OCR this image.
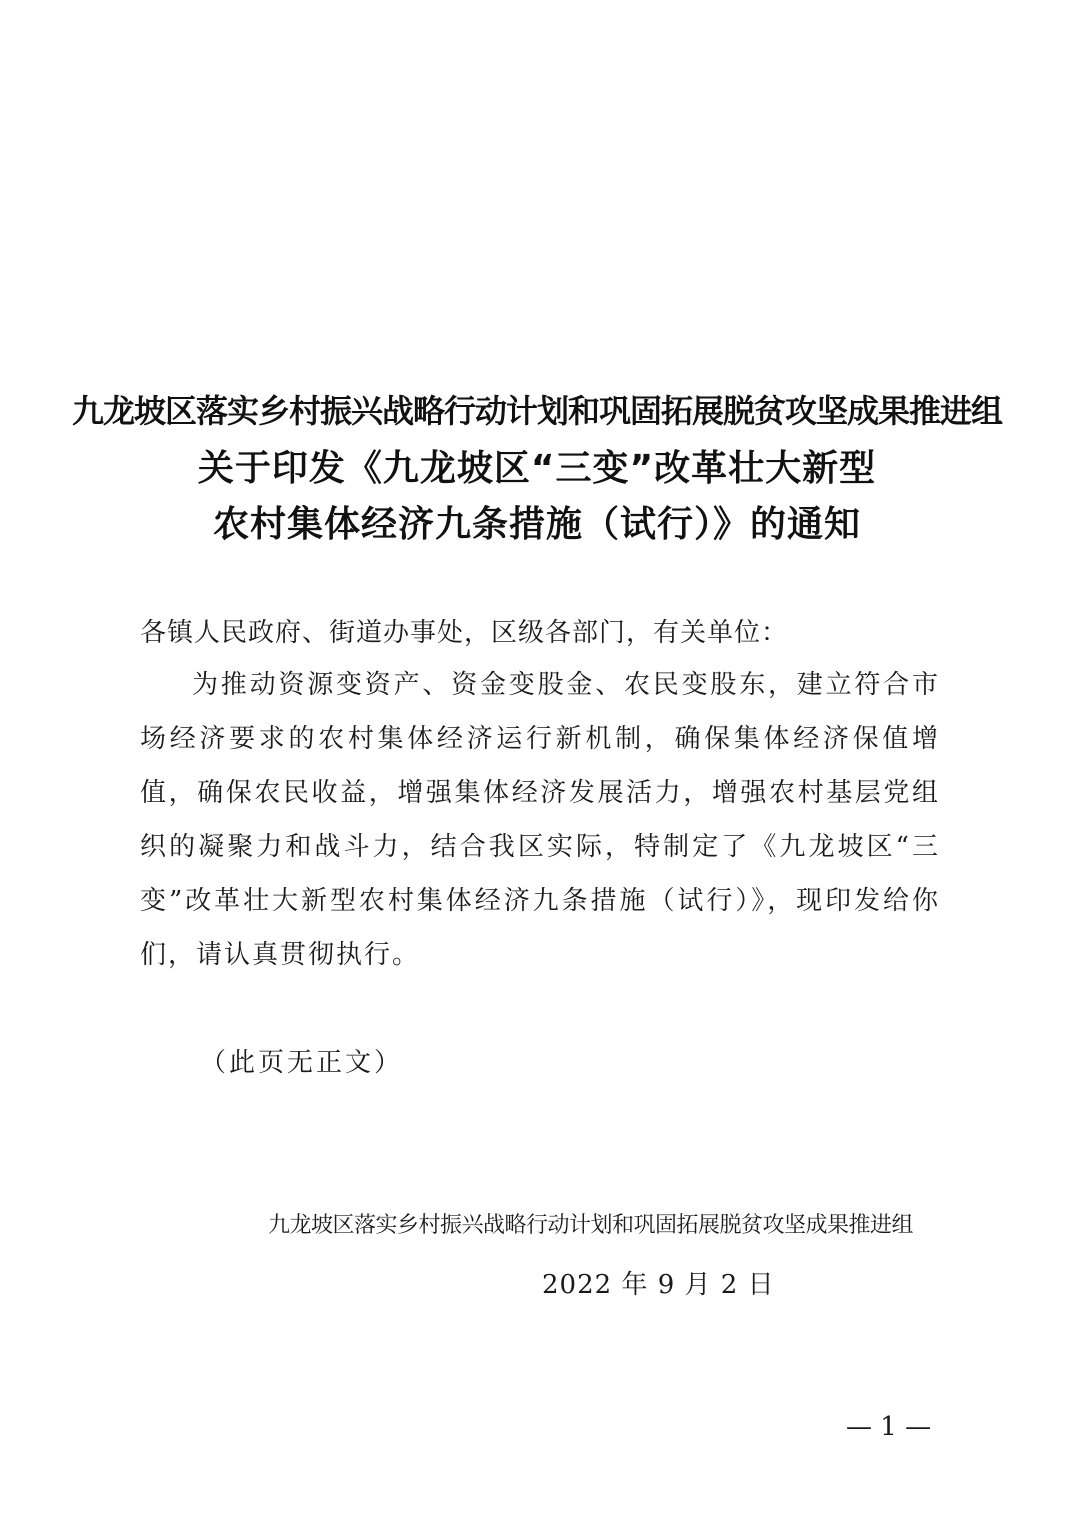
九龙坡区落实乡村振兴战略行动计划和巩固拓展脱贫攻坚成果推进组
关于印发《九龙坡区“三变”改革壮大新型
农村集体经济九条措施（试行）》的通知
各镇人民政府、街道办事处，区级各部门，有关单位：

为推动资源变资产、资金变股金、农民变股东，建立符合市场经济要求的农村集体经济运行新机制，确保集体经济保值增值，确保农民收益，增强集体经济发展活力，增强农村基层党组织的凝聚力和战斗力，结合我区实际，特制定了《九龙坡区“三变”改革壮大新型农村集体经济九条措施（试行）》，现印发给你们，请认真贯彻执行。

（此页无正文）
九龙坡区落实乡村振兴战略行动计划和巩固拓展脱贫攻坚成果推进组
2022 年 9 月 2 日
— 1 —
